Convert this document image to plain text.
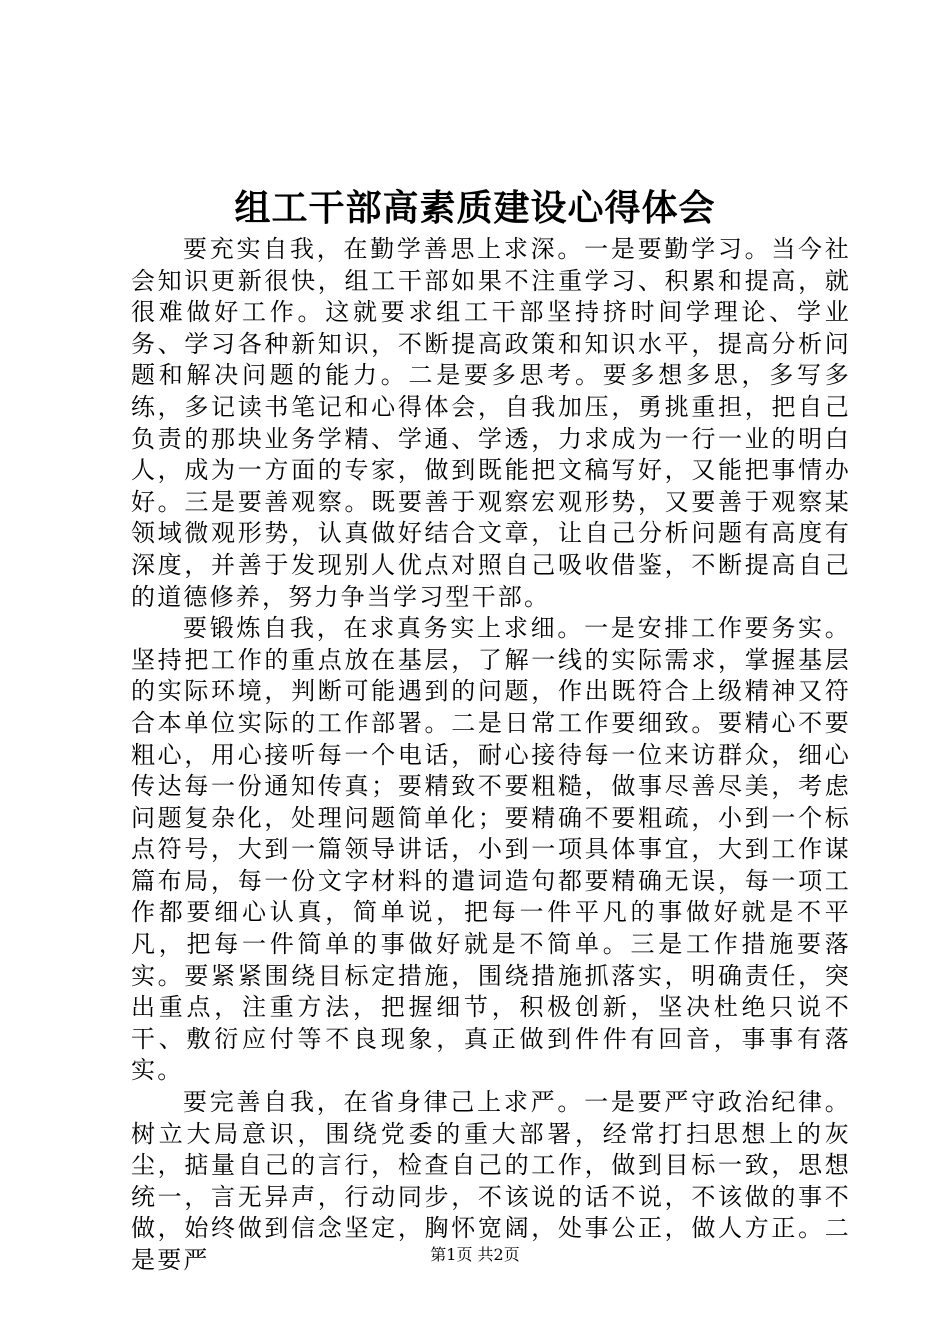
组工干部高素质建设心得体会

要充实自我，在勤学善思上求深。一是要勤学习。当今社会知识更新很快，组工干部如果不注重学习、积累和提高，就很难做好工作。这就要求组工干部坚持挤时间学理论、学业务、学习各种新知识，不断提高政策和知识水平，提高分析问题和解决问题的能力。二是要多思考。要多想多思，多写多练，多记读书笔记和心得体会，自我加压，勇挑重担，把自己负责的那块业务学精、学通、学透，力求成为一行一业的明白人，成为一方面的专家，做到既能把文稿写好，又能把事情办好。三是要善观察。既要善于观察宏观形势，又要善于观察某领域微观形势，认真做好结合文章，让自己分析问题有高度有深度，并善于发现别人优点对照自己吸收借鉴，不断提高自己的道德修养，努力争当学习型干部。

要锻炼自我，在求真务实上求细。一是安排工作要务实。坚持把工作的重点放在基层，了解一线的实际需求，掌握基层的实际环境，判断可能遇到的问题，作出既符合上级精神又符合本单位实际的工作部署。二是日常工作要细致。要精心不要粗心，用心接听每一个电话，耐心接待每一位来访群众，细心传达每一份通知传真；要精致不要粗糙，做事尽善尽美，考虑问题复杂化，处理问题简单化；要精确不要粗疏，小到一个标点符号，大到一篇领导讲话，小到一项具体事宜，大到工作谋篇布局，每一份文字材料的遣词造句都要精确无误，每一项工作都要细心认真，简单说，把每一件平凡的事做好就是不平凡，把每一件简单的事做好就是不简单。三是工作措施要落实。要紧紧围绕目标定措施，围绕措施抓落实，明确责任，突出重点，注重方法，把握细节，积极创新，坚决杜绝只说不干、敷衍应付等不良现象，真正做到件件有回音，事事有落实。

要完善自我，在省身律己上求严。一是要严守政治纪律。树立大局意识，围绕党委的重大部署，经常打扫思想上的灰尘，掂量自己的言行，检查自己的工作，做到目标一致，思想统一，言无异声，行动同步，不该说的话不说，不该做的事不做，始终做到信念坚定，胸怀宽阔，处事公正，做人方正。二是要严	第1页 共2页
